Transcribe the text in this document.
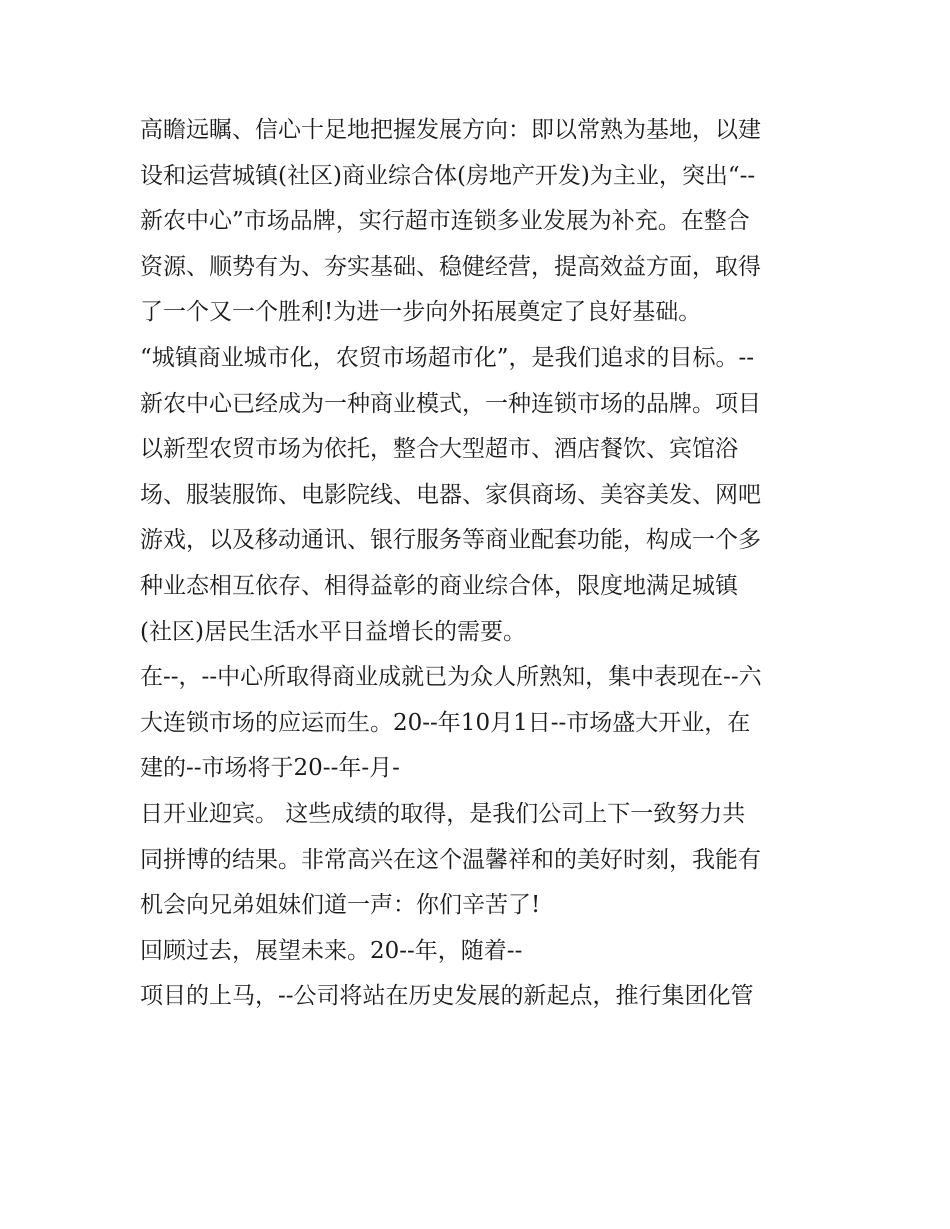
高瞻远瞩、信心十足地把握发展方向：即以常熟为基地，以建
设和运营城镇(社区)商业综合体(房地产开发)为主业，突出“--
新农中心”市场品牌，实行超市连锁多业发展为补充。在整合
资源、顺势有为、夯实基础、稳健经营，提高效益方面，取得
了一个又一个胜利!为进一步向外拓展奠定了良好基础。
“城镇商业城市化，农贸市场超市化”，是我们追求的目标。--
新农中心已经成为一种商业模式，一种连锁市场的品牌。项目
以新型农贸市场为依托，整合大型超市、酒店餐饮、宾馆浴
场、服装服饰、电影院线、电器、家俱商场、美容美发、网吧
游戏，以及移动通讯、银行服务等商业配套功能，构成一个多
种业态相互依存、相得益彰的商业综合体，限度地满足城镇
(社区)居民生活水平日益增长的需要。
在--，--中心所取得商业成就已为众人所熟知，集中表现在--六
大连锁市场的应运而生。20--年10月1日--市场盛大开业，在
建的--市场将于20--年-月-
日开业迎宾。 这些成绩的取得，是我们公司上下一致努力共
同拼博的结果。非常高兴在这个温馨祥和的美好时刻，我能有
机会向兄弟姐妹们道一声：你们辛苦了!
回顾过去，展望未来。20--年，随着--
项目的上马，--公司将站在历史发展的新起点，推行集团化管
